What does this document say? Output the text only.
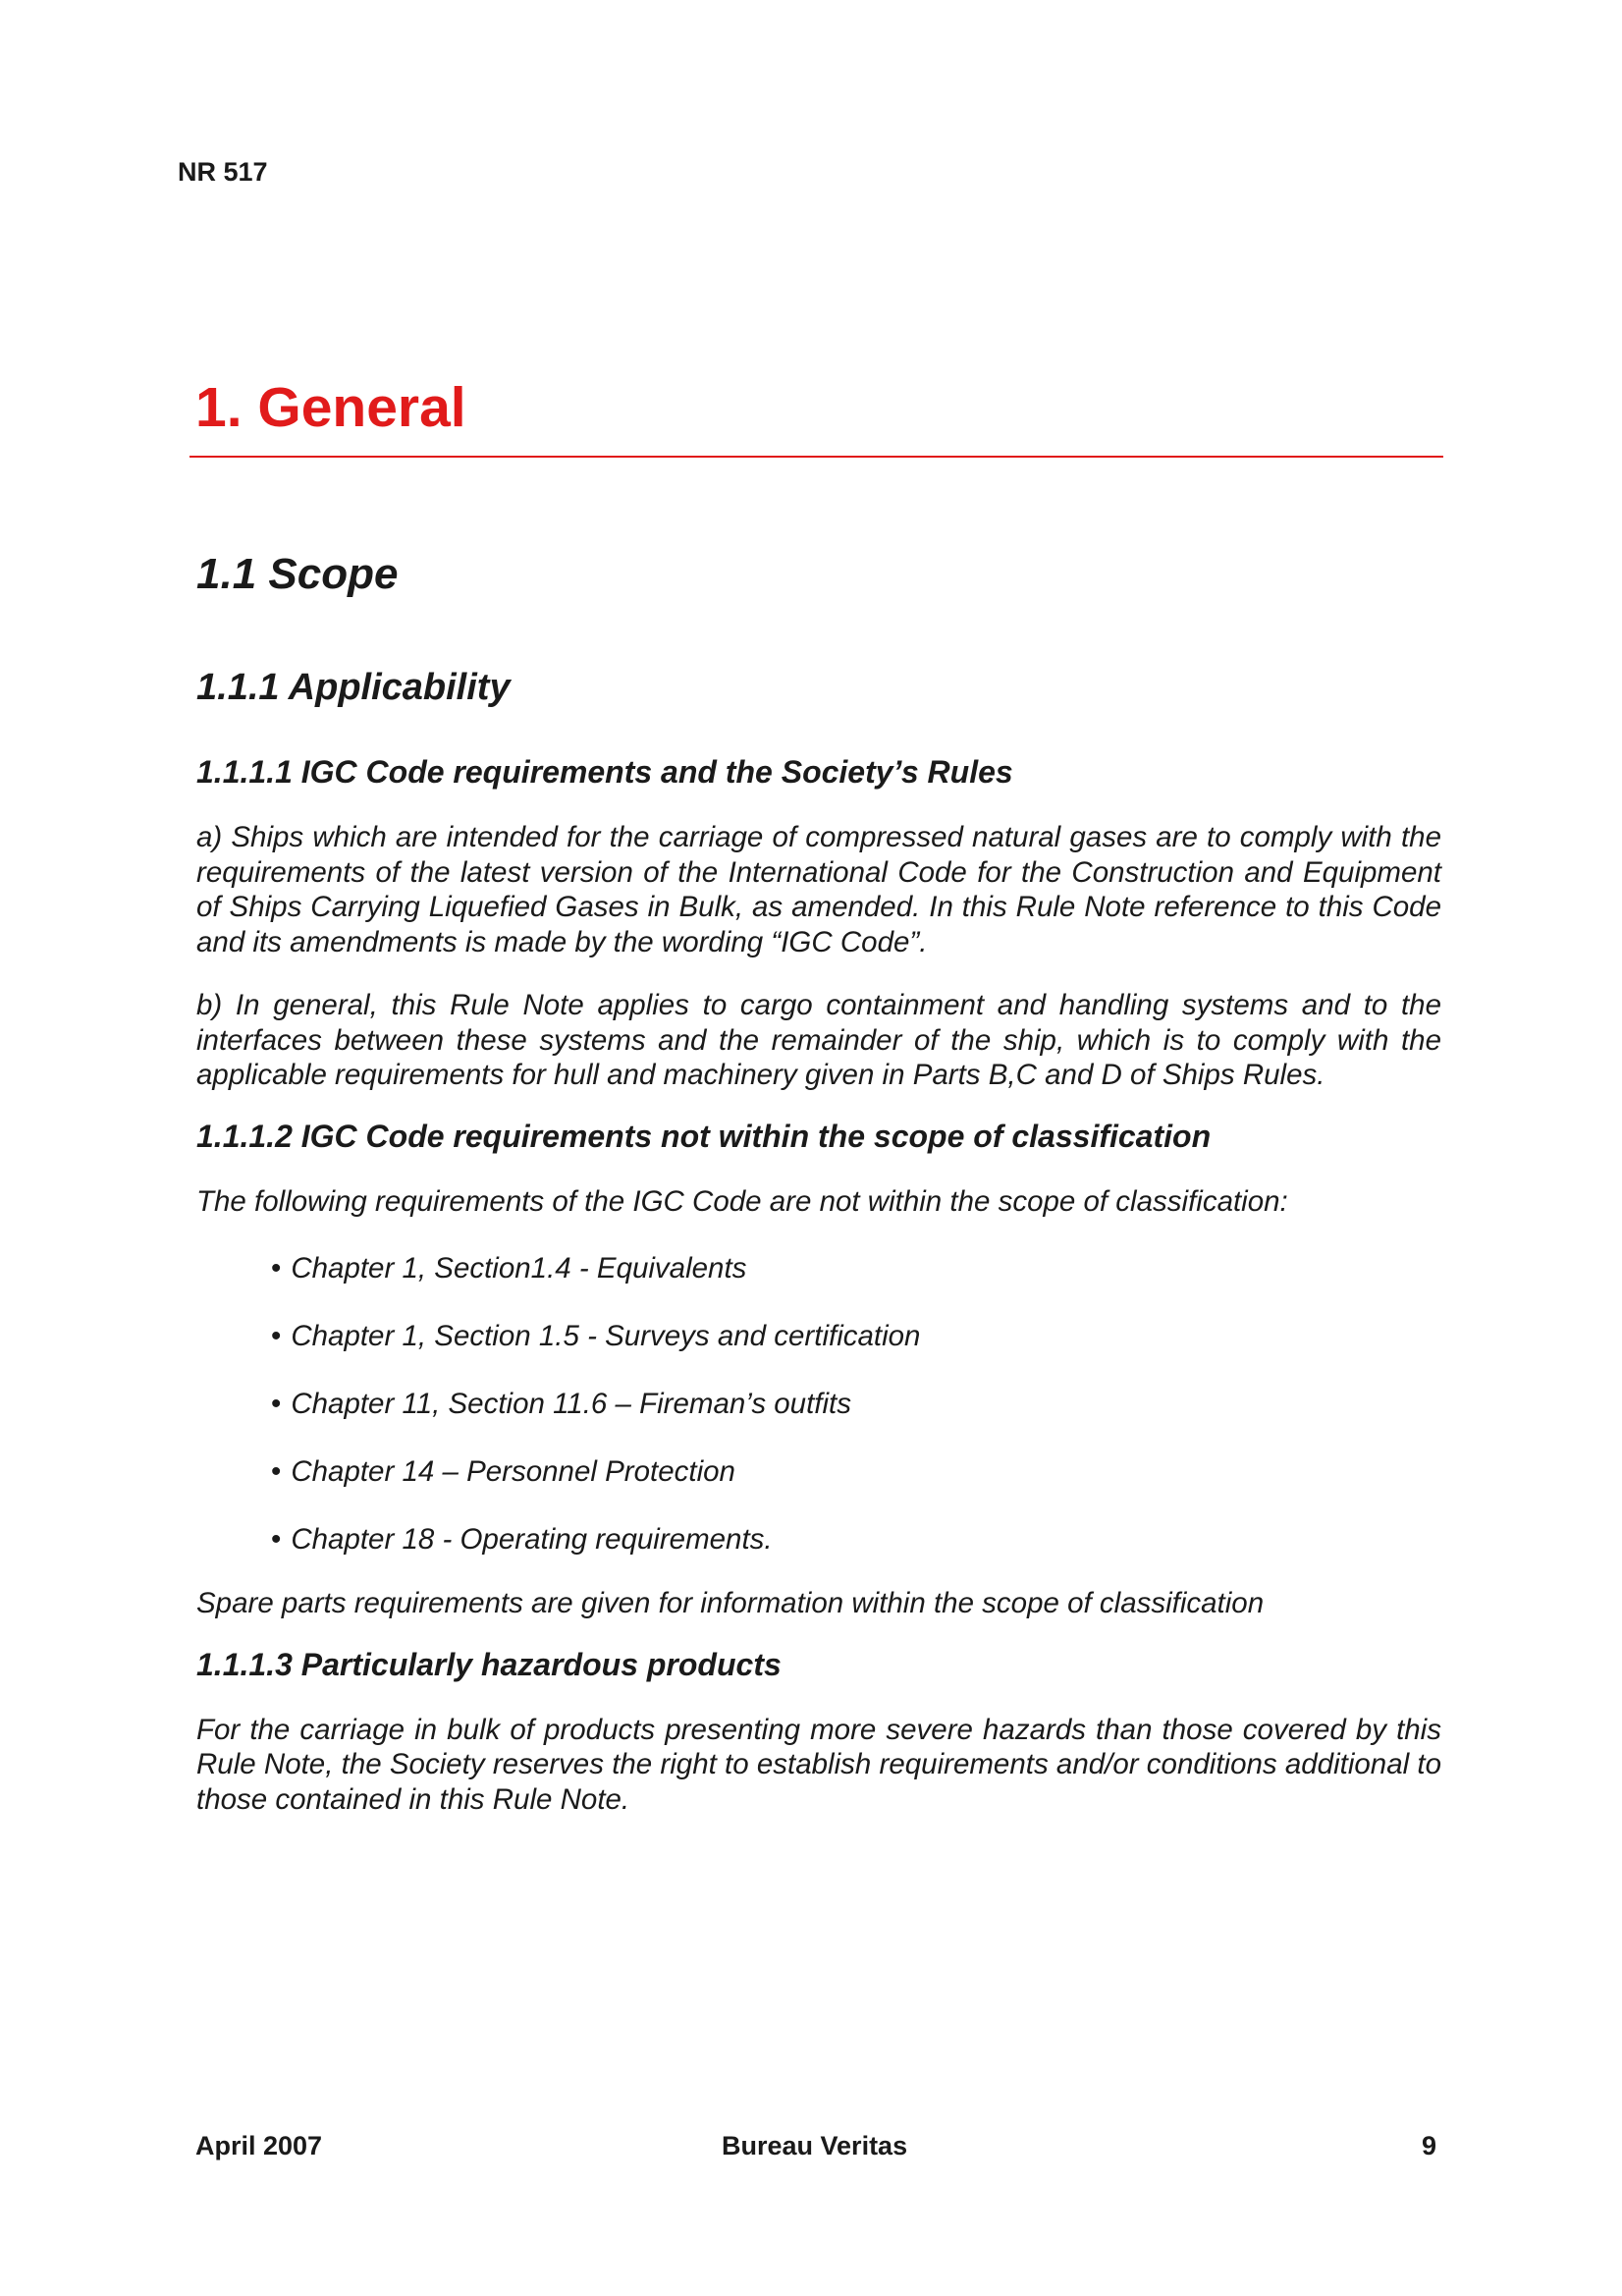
NR 517
1. General
1.1 Scope
1.1.1 Applicability
1.1.1.1 IGC Code requirements and the Society’s Rules

a) Ships which are intended for the carriage of compressed natural gases are to comply with the requirements of the latest version of the International Code for the Construction and Equipment of Ships Carrying Liquefied Gases in Bulk, as amended. In this Rule Note reference to this Code and its amendments is made by the wording “IGC Code”.

b) In general, this Rule Note applies to cargo containment and handling systems and to the interfaces between these systems and the remainder of the ship, which is to comply with the applicable requirements for hull and machinery given in Parts B,C and D of Ships Rules.

1.1.1.2 IGC Code requirements not within the scope of classification

The following requirements of the IGC Code are not within the scope of classification:

• Chapter 1, Section1.4 - Equivalents
• Chapter 1, Section 1.5 - Surveys and certification
• Chapter 11, Section 11.6 – Fireman’s outfits
• Chapter 14 – Personnel Protection
• Chapter 18 - Operating requirements.

Spare parts requirements are given for information within the scope of classification

1.1.1.3 Particularly hazardous products

For the carriage in bulk of products presenting more severe hazards than those covered by this Rule Note, the Society reserves the right to establish requirements and/or conditions additional to those contained in this Rule Note.

April 2007	Bureau Veritas	9
